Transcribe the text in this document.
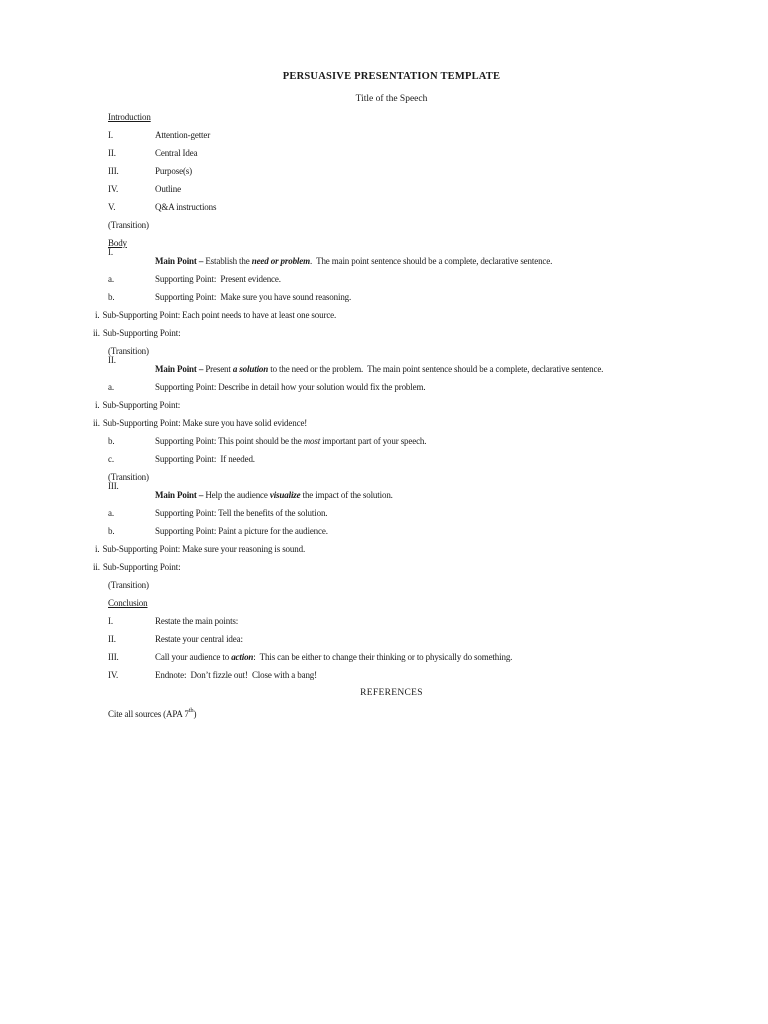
PERSUASIVE PRESENTATION TEMPLATE
Title of the Speech
Introduction
I.	Attention-getter
II.	Central Idea
III.	Purpose(s)
IV.	Outline
V.	Q&A instructions
(Transition)
Body
I.
Main Point – Establish the need or problem.  The main point sentence should be a complete, declarative sentence.
a.	Supporting Point:  Present evidence.
b.	Supporting Point:  Make sure you have sound reasoning.
i. Sub-Supporting Point: Each point needs to have at least one source.
ii. Sub-Supporting Point:
(Transition)
II.
Main Point – Present a solution to the need or the problem.  The main point sentence should be a complete, declarative sentence.
a.	Supporting Point: Describe in detail how your solution would fix the problem.
i. Sub-Supporting Point:
ii. Sub-Supporting Point: Make sure you have solid evidence!
b.	Supporting Point: This point should be the most important part of your speech.
c.	Supporting Point:  If needed.
(Transition)
III.
Main Point – Help the audience visualize the impact of the solution.
a.	Supporting Point: Tell the benefits of the solution.
b.	Supporting Point: Paint a picture for the audience.
i. Sub-Supporting Point: Make sure your reasoning is sound.
ii. Sub-Supporting Point:
(Transition)
Conclusion
I.	Restate the main points:
II.	Restate your central idea:
III.	Call your audience to action:  This can be either to change their thinking or to physically do something.
IV.	Endnote:  Don’t fizzle out!  Close with a bang!
REFERENCES
Cite all sources (APA 7th)
